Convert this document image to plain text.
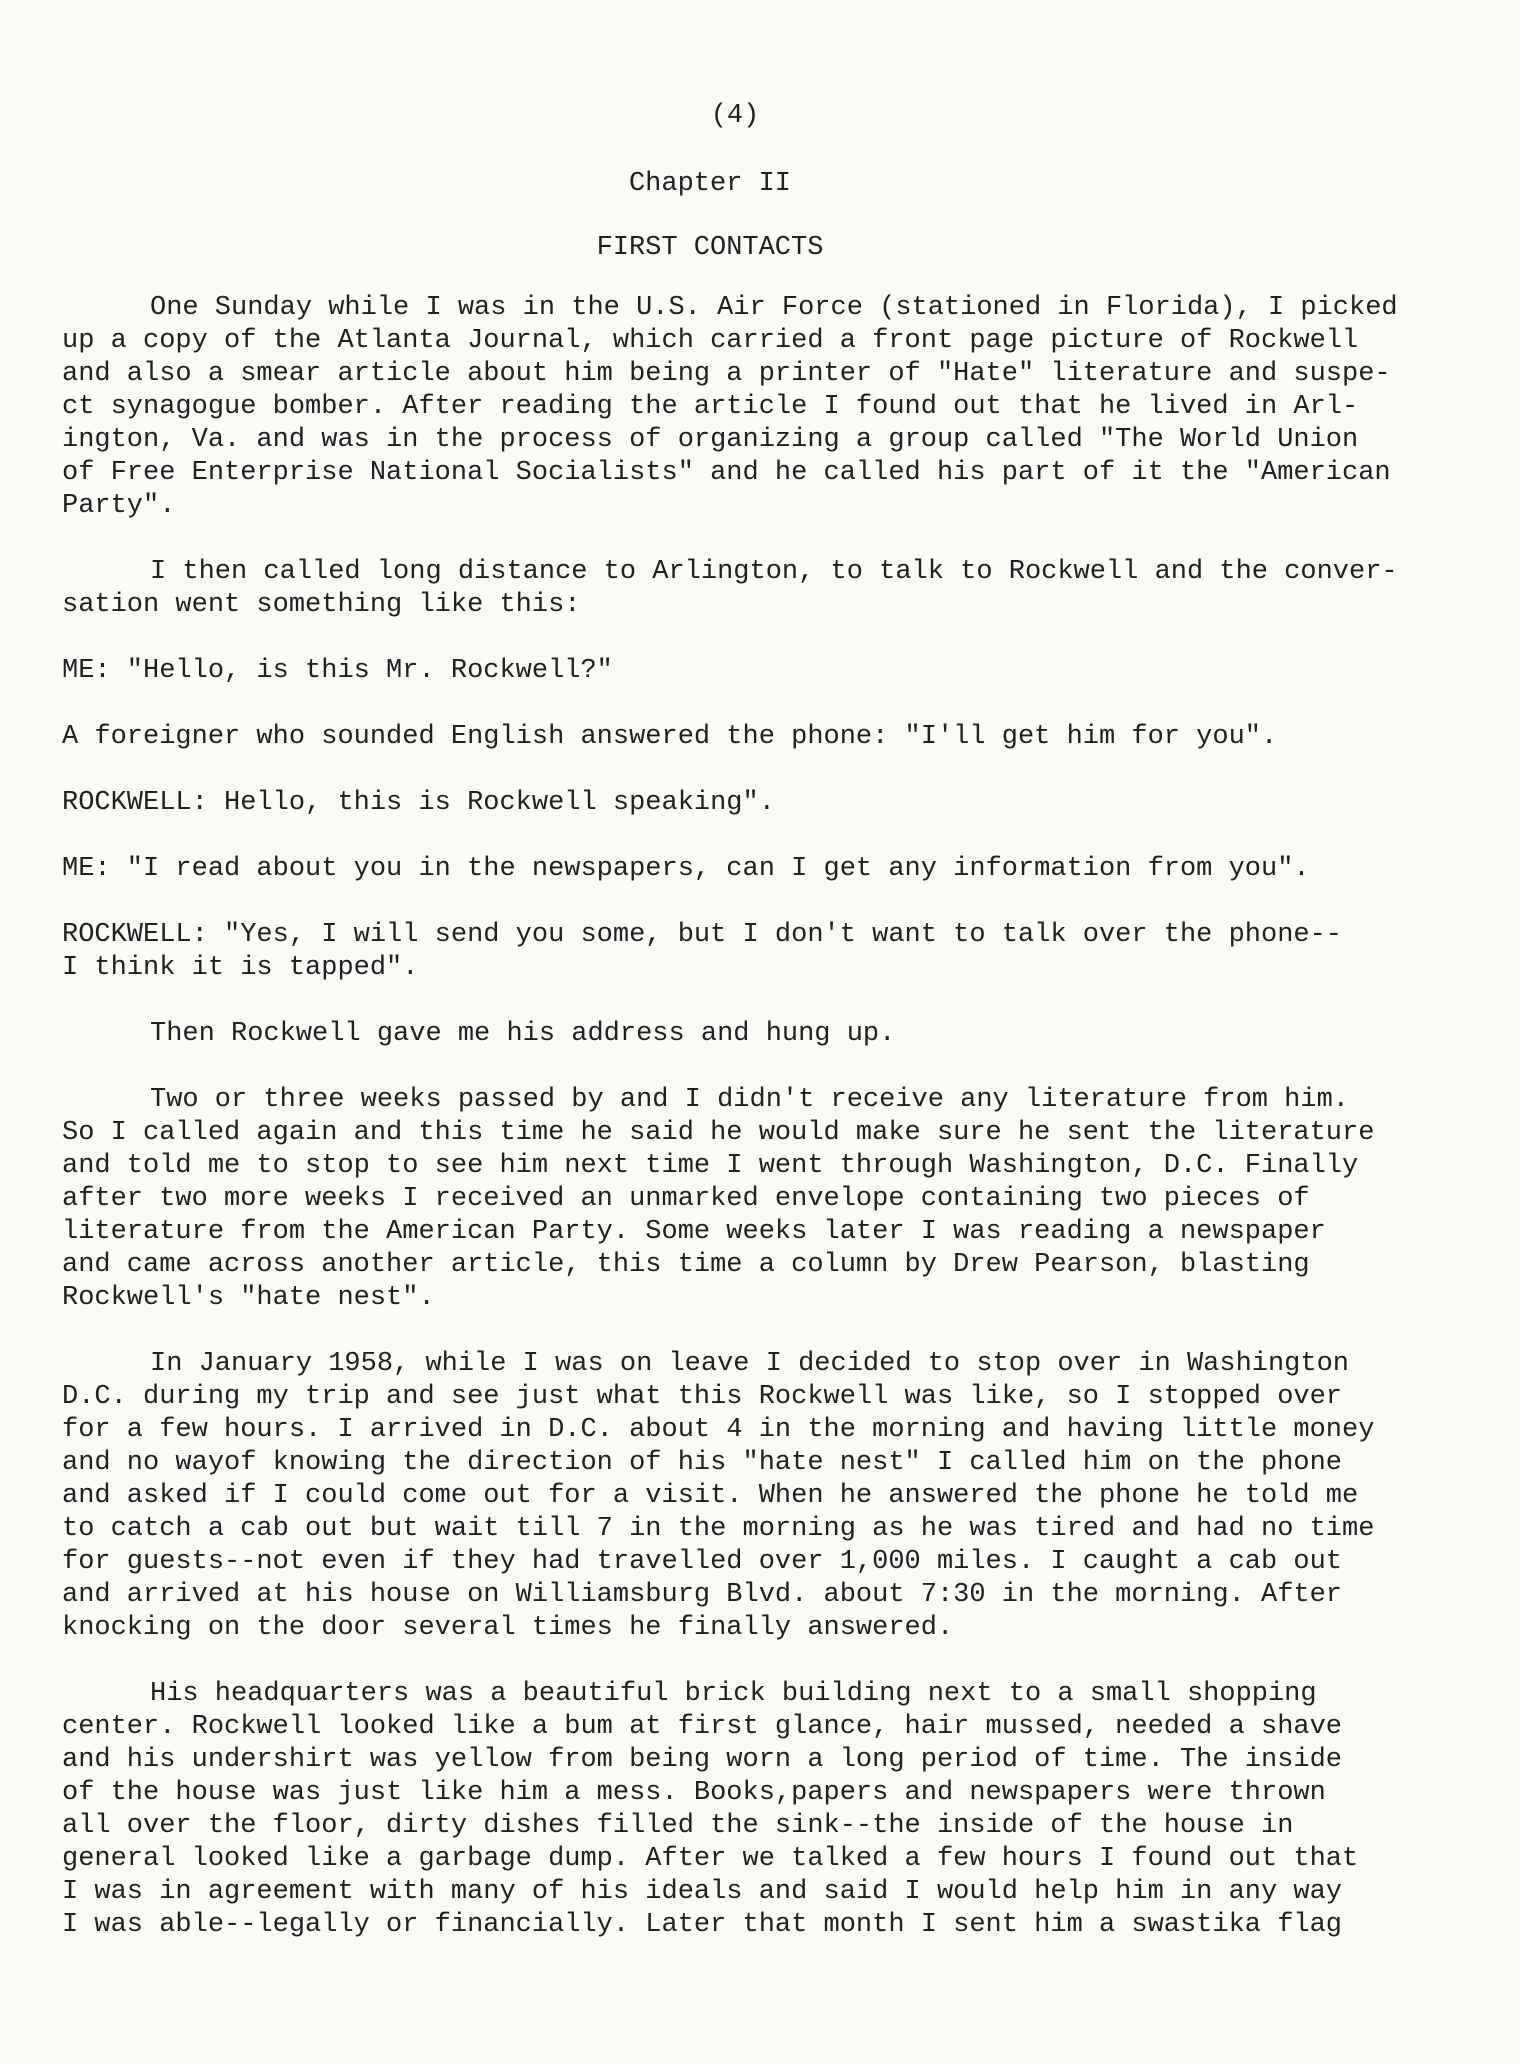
(4)
Chapter II
FIRST CONTACTS
One Sunday while I was in the U.S. Air Force (stationed in Florida), I picked
up a copy of the Atlanta Journal, which carried a front page picture of Rockwell
and also a smear article about him being a printer of "Hate" literature and suspe-
ct synagogue bomber. After reading the article I found out that he lived in Arl-
ington, Va. and was in the process of organizing a group called "The World Union
of Free Enterprise National Socialists" and he called his part of it the "American
Party".
I then called long distance to Arlington, to talk to Rockwell and the conver-
sation went something like this:
ME: "Hello, is this Mr. Rockwell?"
A foreigner who sounded English answered the phone: "I'll get him for you".
ROCKWELL: Hello, this is Rockwell speaking".
ME: "I read about you in the newspapers, can I get any information from you".
ROCKWELL: "Yes, I will send you some, but I don't want to talk over the phone--
I think it is tapped".
Then Rockwell gave me his address and hung up.
Two or three weeks passed by and I didn't receive any literature from him.
So I called again and this time he said he would make sure he sent the literature
and told me to stop to see him next time I went through Washington, D.C. Finally
after two more weeks I received an unmarked envelope containing two pieces of
literature from the American Party. Some weeks later I was reading a newspaper
and came across another article, this time a column by Drew Pearson, blasting
Rockwell's "hate nest".
In January 1958, while I was on leave I decided to stop over in Washington
D.C. during my trip and see just what this Rockwell was like, so I stopped over
for a few hours. I arrived in D.C. about 4 in the morning and having little money
and no wayof knowing the direction of his "hate nest" I called him on the phone
and asked if I could come out for a visit. When he answered the phone he told me
to catch a cab out but wait till 7 in the morning as he was tired and had no time
for guests--not even if they had travelled over 1,000 miles. I caught a cab out
and arrived at his house on Williamsburg Blvd. about 7:30 in the morning. After
knocking on the door several times he finally answered.
His headquarters was a beautiful brick building next to a small shopping
center. Rockwell looked like a bum at first glance, hair mussed, needed a shave
and his undershirt was yellow from being worn a long period of time. The inside
of the house was just like him a mess. Books,papers and newspapers were thrown
all over the floor, dirty dishes filled the sink--the inside of the house in
general looked like a garbage dump. After we talked a few hours I found out that
I was in agreement with many of his ideals and said I would help him in any way
I was able--legally or financially. Later that month I sent him a swastika flag
